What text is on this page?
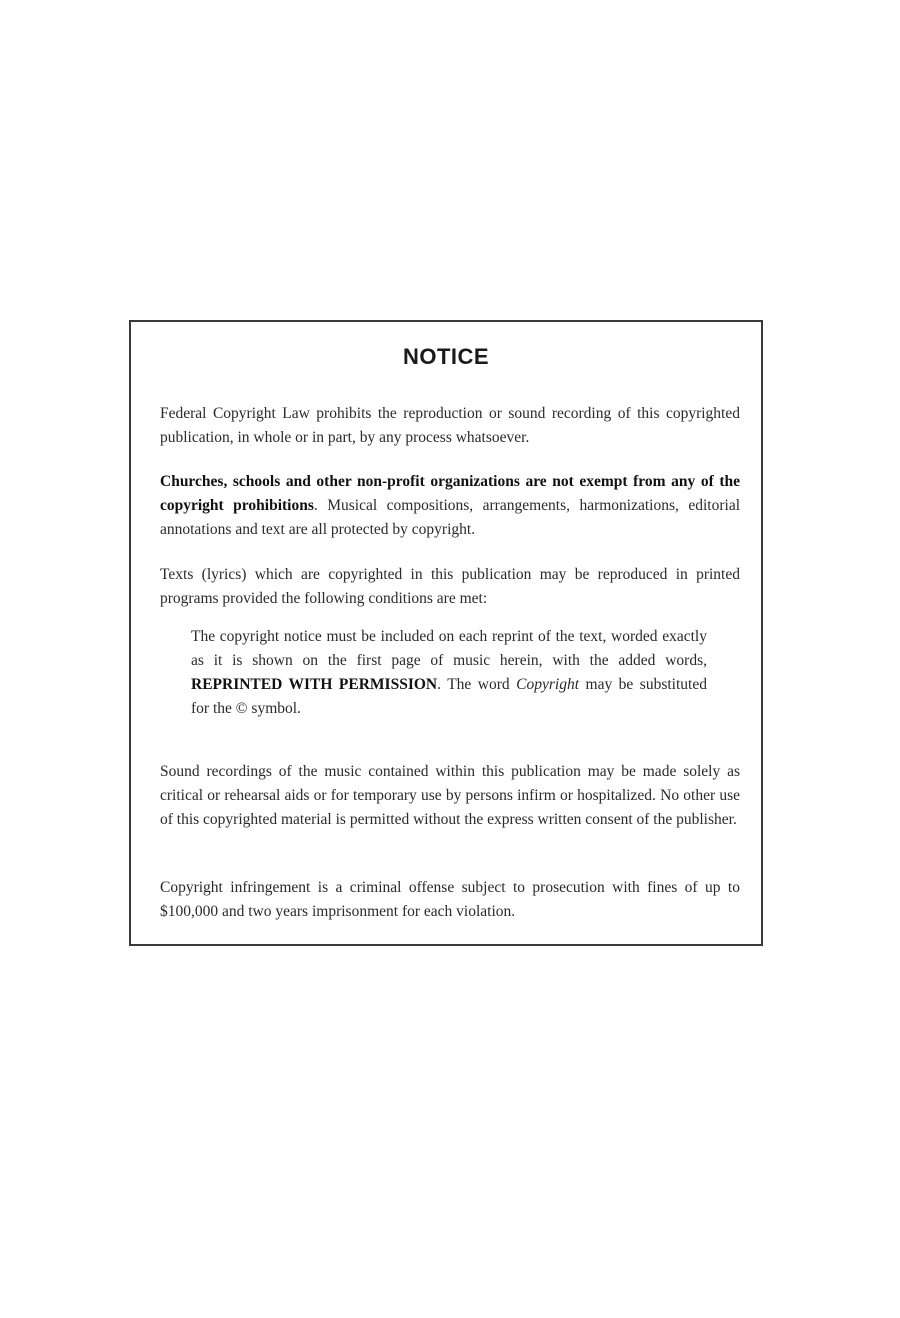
NOTICE

Federal Copyright Law prohibits the reproduction or sound recording of this copyrighted publication, in whole or in part, by any process whatsoever.

Churches, schools and other non-profit organizations are not exempt from any of the copyright prohibitions. Musical compositions, arrangements, harmonizations, editorial annotations and text are all protected by copyright.

Texts (lyrics) which are copyrighted in this publication may be reproduced in printed programs provided the following conditions are met:

The copyright notice must be included on each reprint of the text, worded exactly as it is shown on the first page of music herein, with the added words, REPRINTED WITH PERMISSION. The word Copyright may be substituted for the © symbol.

Sound recordings of the music contained within this publication may be made solely as critical or rehearsal aids or for temporary use by persons infirm or hospitalized. No other use of this copyrighted material is permitted without the express written consent of the publisher.

Copyright infringement is a criminal offense subject to prosecution with fines of up to $100,000 and two years imprisonment for each violation.
